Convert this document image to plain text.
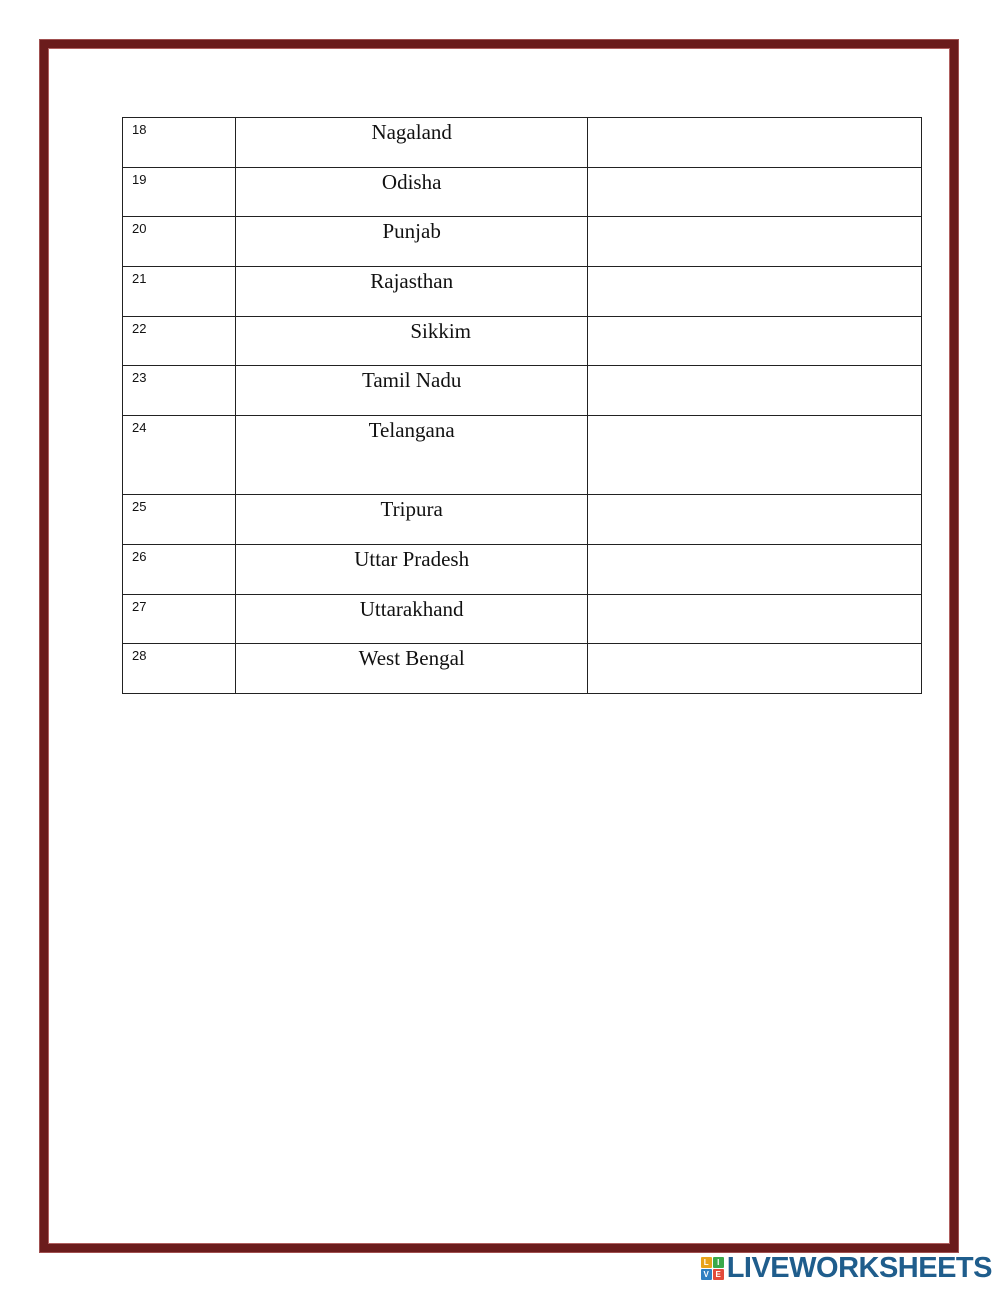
18	Nagaland	
19	Odisha	
20	Punjab	
21	Rajasthan	
22	Sikkim	
23	Tamil Nadu	
24	Telangana	
25	Tripura	
26	Uttar Pradesh	
27	Uttarakhand	
28	West Bengal	
L	I
V E LIVEWORKSHEETS
